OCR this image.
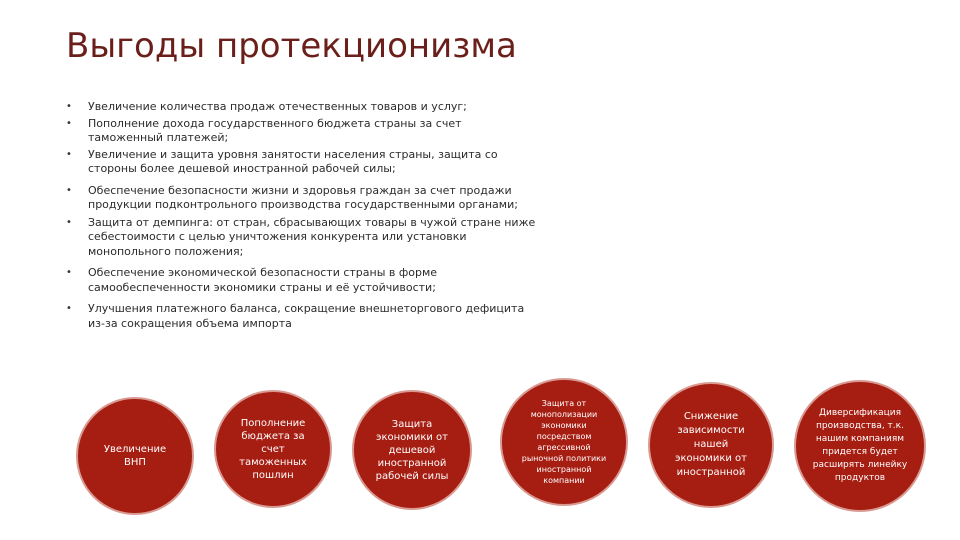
Выгоды протекционизма
•	Увеличение количества продаж отечественных товаров и услуг;
•	Пополнение дохода государственного бюджета страны за счет таможенный платежей;
•	Увеличение и защита уровня занятости населения страны, защита со стороны более дешевой иностранной рабочей силы;
•	Обеспечение безопасности жизни и здоровья граждан за счет продажи продукции подконтрольного производства государственными органами;
•	Защита от демпинга: от стран, сбрасывающих товары в чужой стране ниже себестоимости с целью уничтожения конкурента или установки монопольного положения;
•	Обеспечение экономической безопасности страны в форме самообеспеченности экономики страны и её устойчивости;
•	Улучшения платежного баланса, сокращение внешнеторгового дефицита из-за сокращения объема импорта
Увеличение ВНП
Пополнение бюджета за счет таможенных пошлин
Защита экономики от дешевой иностранной рабочей силы
Защита от монополизации экономики посредством агрессивной рыночной политики иностранной компании
Снижение зависимости нашей экономики от иностранной
Диверсификация производства, т.к. нашим компаниям придется будет расширять линейку продуктов
